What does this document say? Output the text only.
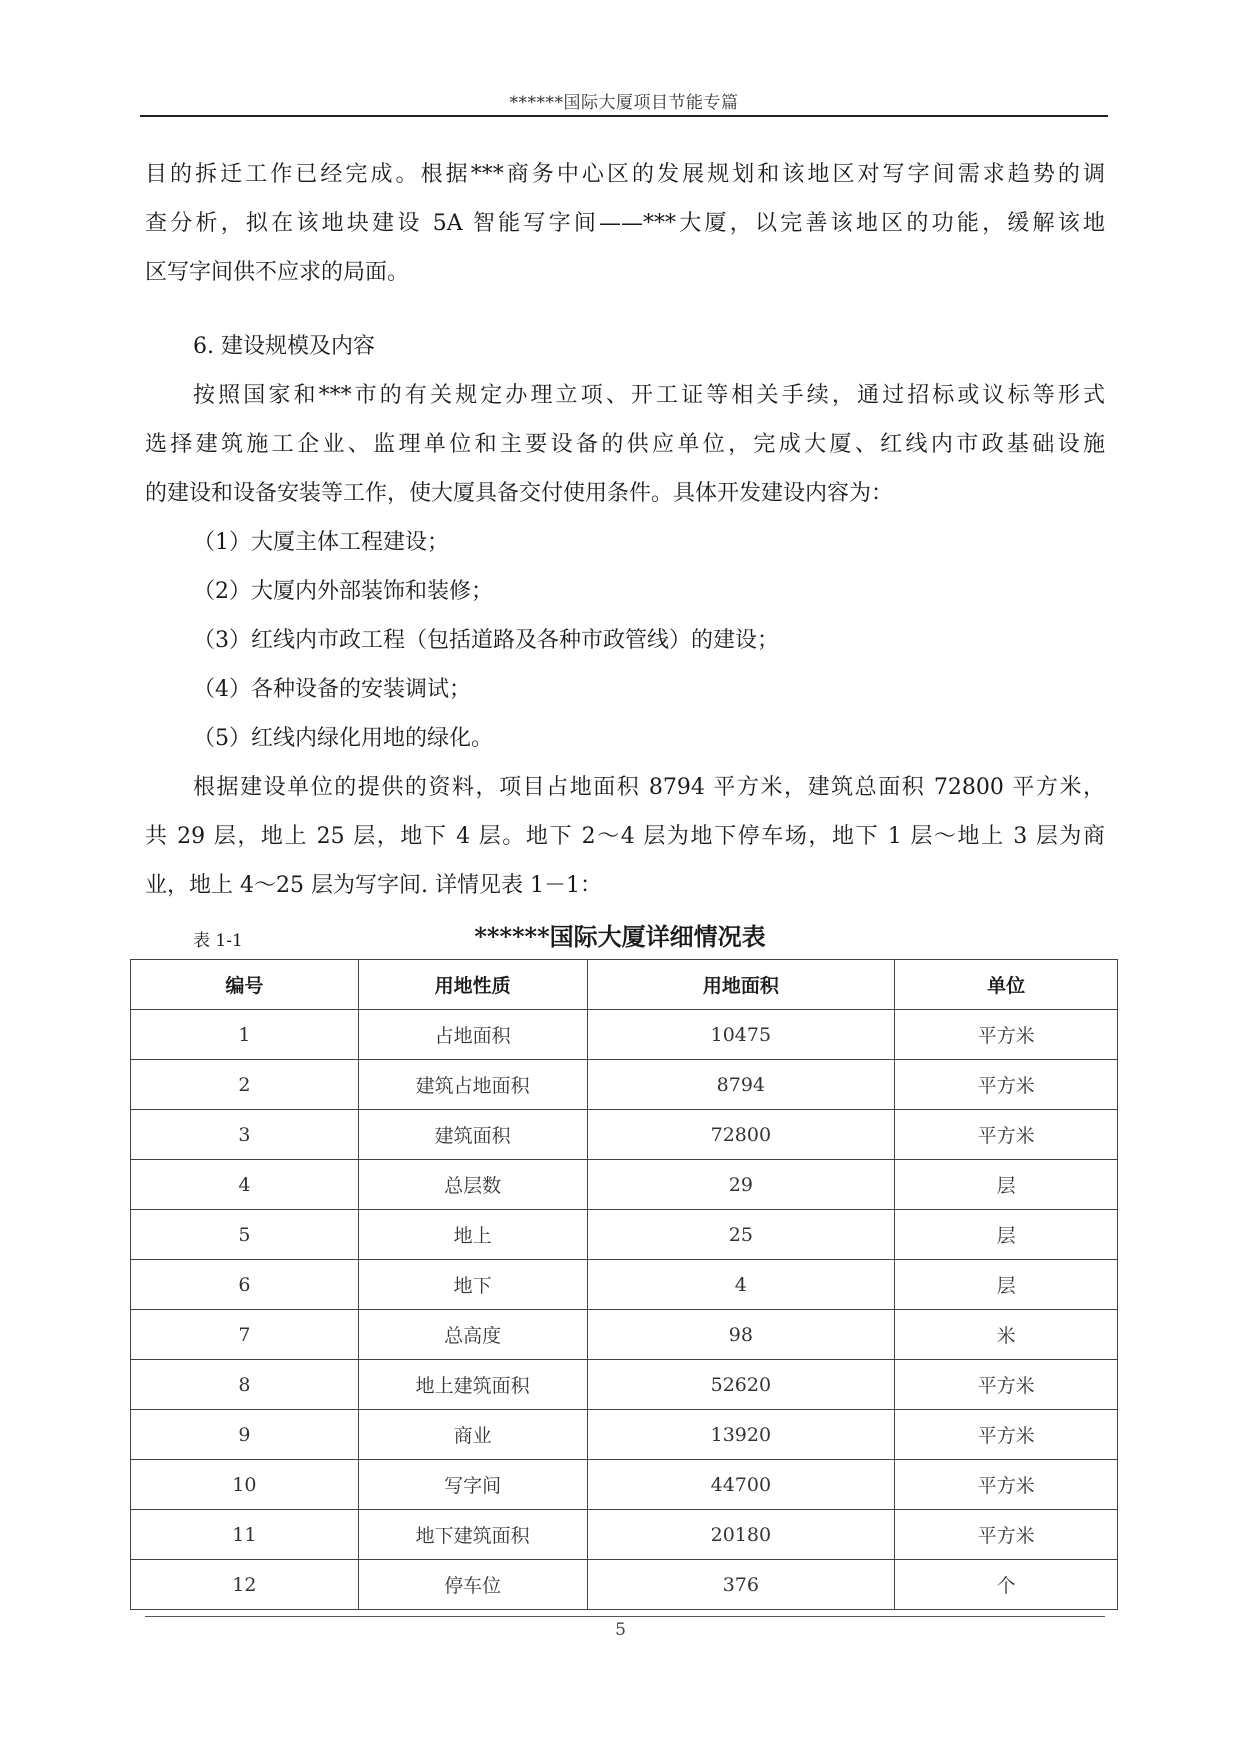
******国际大厦项目节能专篇

目的拆迁工作已经完成。根据***商务中心区的发展规划和该地区对写字间需求趋势的调
查分析，拟在该地块建设 5A 智能写字间——***大厦，以完善该地区的功能，缓解该地
区写字间供不应求的局面。

6. 建设规模及内容

按照国家和***市的有关规定办理立项、开工证等相关手续，通过招标或议标等形式
选择建筑施工企业、监理单位和主要设备的供应单位，完成大厦、红线内市政基础设施
的建设和设备安装等工作，使大厦具备交付使用条件。具体开发建设内容为：

（1）大厦主体工程建设；
（2）大厦内外部装饰和装修；
（3）红线内市政工程（包括道路及各种市政管线）的建设；
（4）各种设备的安装调试；
（5）红线内绿化用地的绿化。

根据建设单位的提供的资料，项目占地面积 8794 平方米，建筑总面积 72800 平方米，
共 29 层，地上 25 层，地下 4 层。地下 2～4 层为地下停车场，地下 1 层～地上 3 层为商
业，地上 4～25 层为写字间. 详情见表 1－1：

表 1-1	******国际大厦详细情况表
编号	用地性质	用地面积	单位
1	占地面积	10475	平方米
2	建筑占地面积	8794	平方米
3	建筑面积	72800	平方米
4	总层数	29	层
5	地上	25	层
6	地下	4	层
7	总高度	98	米
8	地上建筑面积	52620	平方米
9	商业	13920	平方米
10	写字间	44700	平方米
11	地下建筑面积	20180	平方米
12	停车位	376	个
5
